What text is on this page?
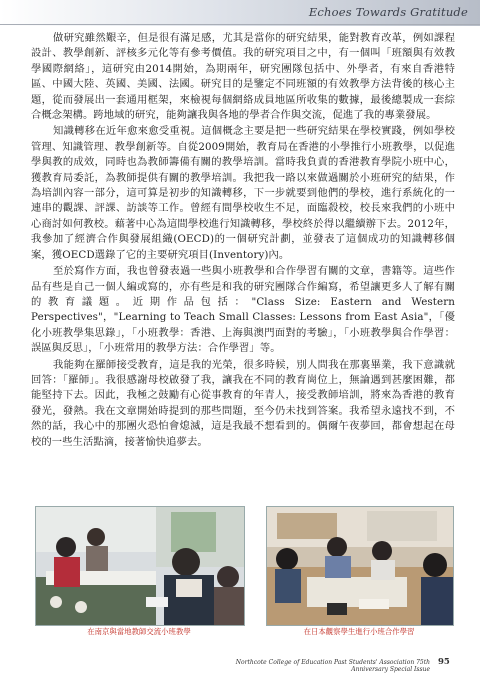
Echoes Towards Gratitude

做研究雖然艱辛，但是很有滿足感，尤其是當你的研究結果，能對教育改革，例如課程設計、教學創新、評核多元化等有參考價值。我的研究項目之中，有一個叫「班額與有效教學國際網絡」，這研究由2014開始，為期兩年，研究團隊包括中、外學者，有來自香港特區、中國大陸、英國、美國、法國。研究目的是鑒定不同班額的有效教學方法背後的核心主題，從而發展出一套通用框架，來檢視每個網絡成員地區所收集的數據，最後總製成一套綜合概念架構。跨地域的研究，能夠讓我與各地的學者合作與交流，促進了我的專業發展。

知識轉移在近年愈來愈受重視。這個概念主要是把一些研究結果在學校實踐，例如學校管理、知識管理、教學創新等。自從2009開始，教育局在香港的小學推行小班教學，以促進學與教的成效，同時也為教師籌備有關的教學培訓。當時我負責的香港教育學院小班中心，獲教育局委託，為教師提供有關的教學培訓。我把我一路以來做過關於小班研究的結果，作為培訓內容一部分，這可算是初步的知識轉移，下一步就要到他們的學校，進行系統化的一連串的觀課、評課、訪談等工作。曾經有間學校收生不足，面臨殺校，校長來我們的小班中心商討如何教校。藉著中心為這間學校進行知識轉移，學校終於得以繼續辦下去。2012年，我參加了經濟合作與發展組織(OECD)的一個研究計劃，並發表了這個成功的知識轉移個案，獲OECD選錄了它的主要研究項目(Inventory)內。

至於寫作方面，我也曾發表過一些與小班教學和合作學習有關的文章，書籍等。這些作品有些是自己一個人編或寫的，亦有些是和我的研究團隊合作編寫，希望讓更多人了解有關的教育議題。近期作品包括："Class Size: Eastern and Western Perspectives"，"Learning to Teach Small Classes: Lessons from East Asia"，「優化小班教學集思錄」，「小班教學：香港、上海與澳門面對的考驗」，「小班教學與合作學習：誤區與反思」，「小班常用的教學方法：合作學習」等。

我能夠在羅師接受教育，這是我的光榮，很多時候，別人問我在那裏畢業，我下意識就回答：「羅師」。我很感謝母校啟發了我，讓我在不同的教育崗位上，無論遇到甚麼困難，都能堅持下去。因此，我極之鼓勵有心從事教育的年青人，接受教師培訓，將來為香港的教育發光，發熱。我在文章開始時提到的那些問題，至今仍未找到答案。我希望永遠找不到，不然的話，我心中的那團火恐怕會熄滅，這是我最不想看到的。偶爾午夜夢回，都會想起在母校的一些生活點滴，接著愉快追夢去。

在南京與當地教師交流小班教學	在日本觀察學生進行小班合作學習
Northcote College of Education Past Students' Association 75th Anniversary Special Issue
95
